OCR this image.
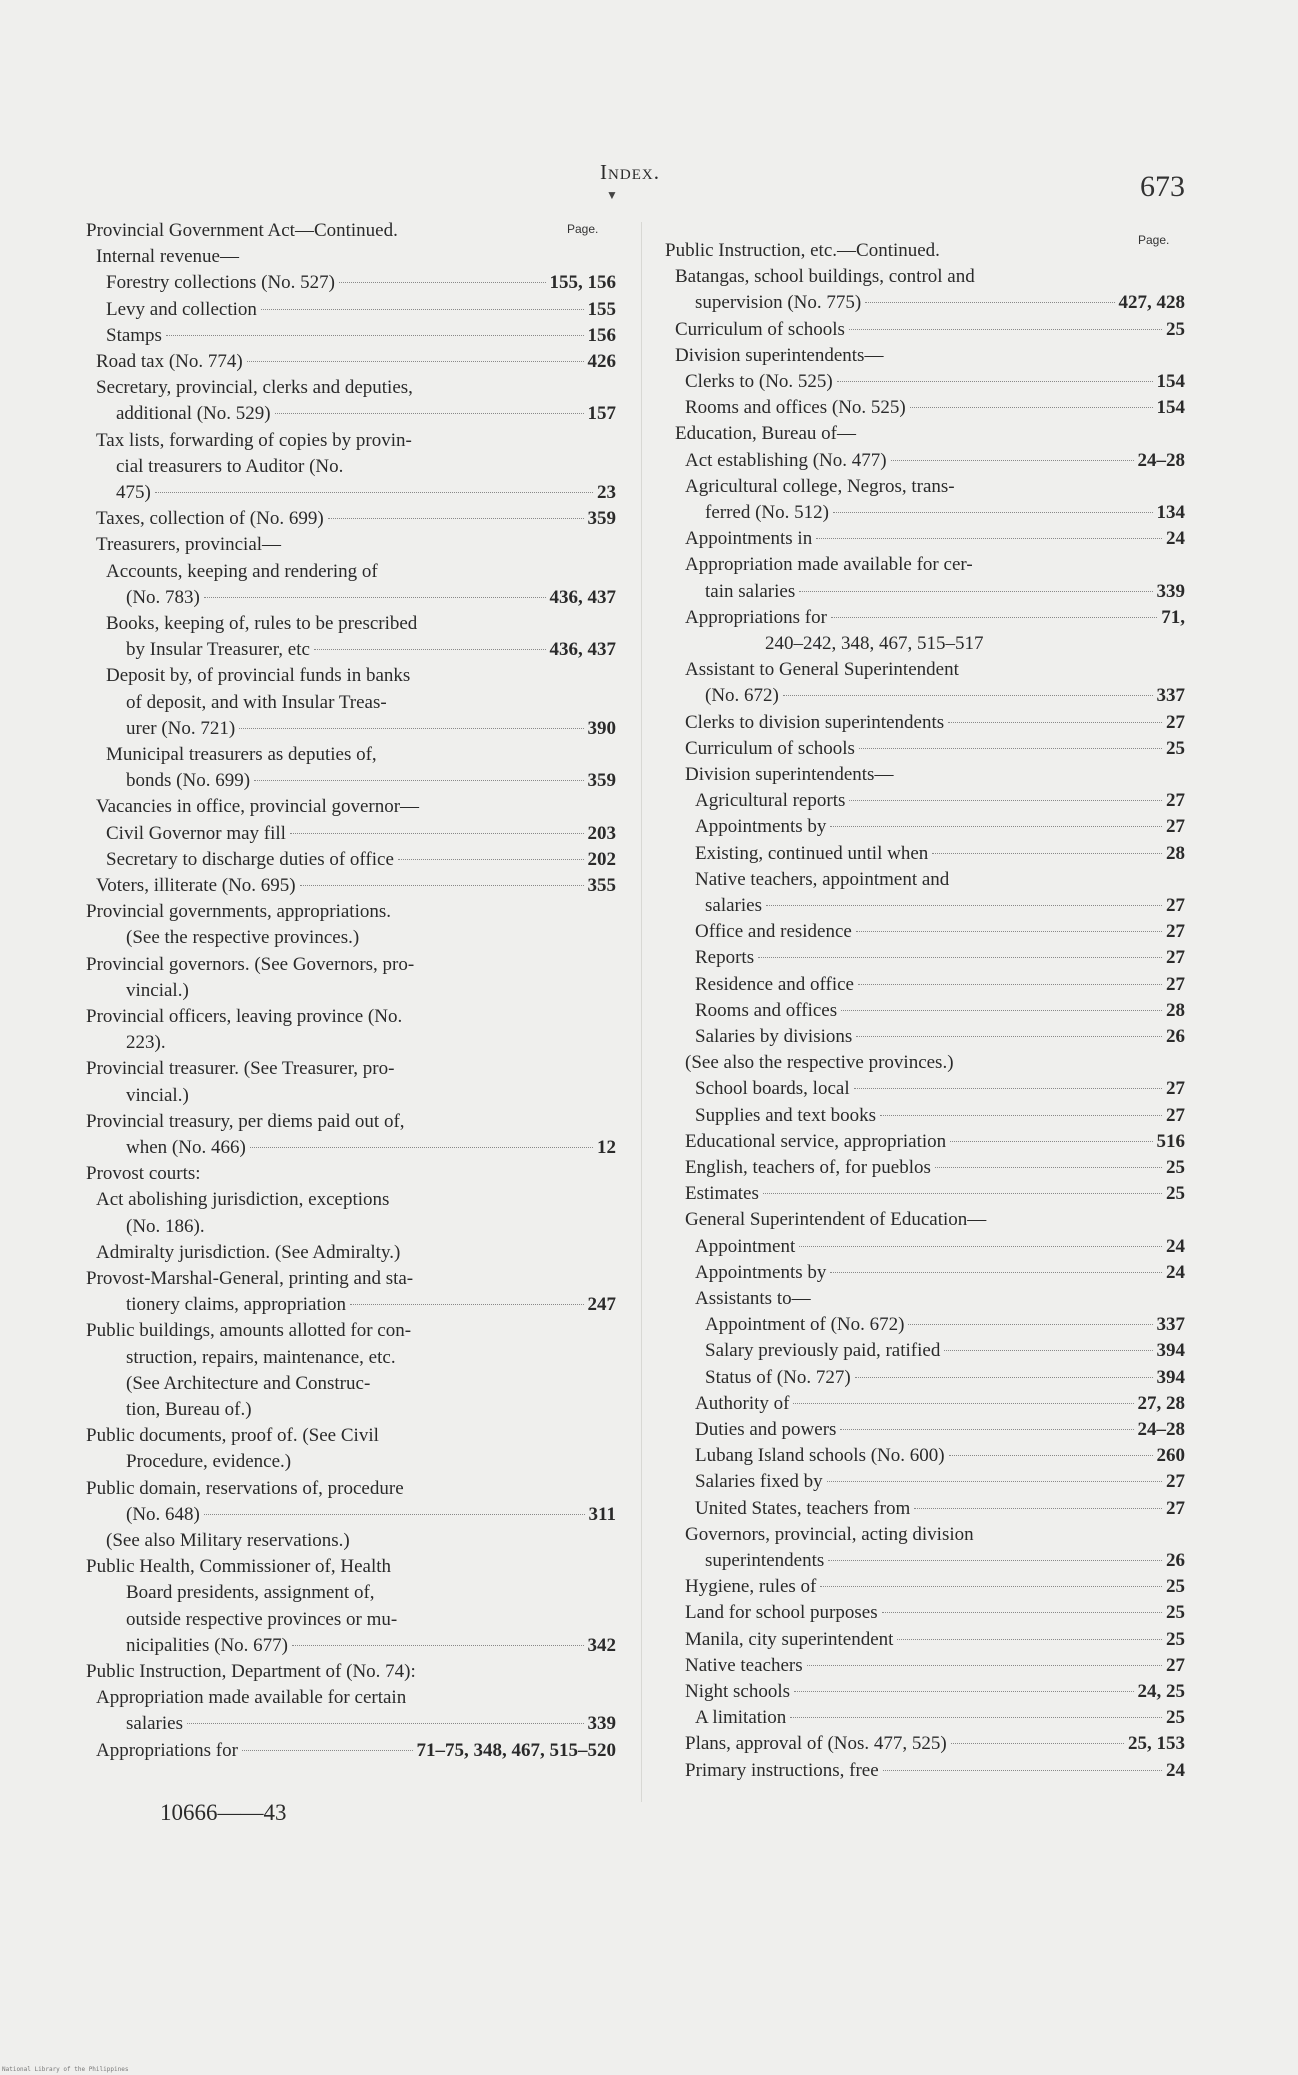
Index.
▼	673
Page.
Page.
Provincial Government Act—Continued.
Internal revenue—
Forestry collections (No. 527)	155, 156
Levy and collection	155
Stamps	156
Road tax (No. 774)	426
Secretary, provincial, clerks and deputies,
additional (No. 529)	157
Tax lists, forwarding of copies by provin-
cial treasurers to Auditor (No.
475)	23
Taxes, collection of (No. 699)	359
Treasurers, provincial—
Accounts, keeping and rendering of
(No. 783)	436, 437
Books, keeping of, rules to be prescribed
by Insular Treasurer, etc	436, 437
Deposit by, of provincial funds in banks
of deposit, and with Insular Treas-
urer (No. 721)	390
Municipal treasurers as deputies of,
bonds (No. 699)	359
Vacancies in office, provincial governor—
Civil Governor may fill	203
Secretary to discharge duties of office	202
Voters, illiterate (No. 695)	355
Provincial governments, appropriations.
(See the respective provinces.)
Provincial governors. (See Governors, pro-
vincial.)
Provincial officers, leaving province (No.
223).
Provincial treasurer. (See Treasurer, pro-
vincial.)
Provincial treasury, per diems paid out of,
when (No. 466)	12
Provost courts:
Act abolishing jurisdiction, exceptions
(No. 186).
Admiralty jurisdiction. (See Admiralty.)
Provost-Marshal-General, printing and sta-
tionery claims, appropriation	247
Public buildings, amounts allotted for con-
struction, repairs, maintenance, etc.
(See Architecture and Construc-
tion, Bureau of.)
Public documents, proof of. (See Civil
Procedure, evidence.)
Public domain, reservations of, procedure
(No. 648)	311
(See also Military reservations.)
Public Health, Commissioner of, Health
Board presidents, assignment of,
outside respective provinces or mu-
nicipalities (No. 677)	342
Public Instruction, Department of (No. 74):
Appropriation made available for certain
salaries	339
Appropriations for	71–75, 348, 467, 515–520
Public Instruction, etc.—Continued.
Batangas, school buildings, control and
supervision (No. 775)	427, 428
Curriculum of schools	25
Division superintendents—
Clerks to (No. 525)	154
Rooms and offices (No. 525)	154
Education, Bureau of—
Act establishing (No. 477)	24–28
Agricultural college, Negros, trans-
ferred (No. 512)	134
Appointments in	24
Appropriation made available for cer-
tain salaries	339
Appropriations for	71,
240–242, 348, 467, 515–517
Assistant to General Superintendent
(No. 672)	337
Clerks to division superintendents	27
Curriculum of schools	25
Division superintendents—
Agricultural reports	27
Appointments by	27
Existing, continued until when	28
Native teachers, appointment and
salaries	27
Office and residence	27
Reports	27
Residence and office	27
Rooms and offices	28
Salaries by divisions	26
(See also the respective provinces.)
School boards, local	27
Supplies and text books	27
Educational service, appropriation	516
English, teachers of, for pueblos	25
Estimates	25
General Superintendent of Education—
Appointment	24
Appointments by	24
Assistants to—
Appointment of (No. 672)	337
Salary previously paid, ratified	394
Status of (No. 727)	394
Authority of	27, 28
Duties and powers	24–28
Lubang Island schools (No. 600)	260
Salaries fixed by	27
United States, teachers from	27
Governors, provincial, acting division
superintendents	26
Hygiene, rules of	25
Land for school purposes	25
Manila, city superintendent	25
Native teachers	27
Night schools	24, 25
A limitation	25
Plans, approval of (Nos. 477, 525)	25, 153
Primary instructions, free	24
10666——43
National Library of the Philippines
